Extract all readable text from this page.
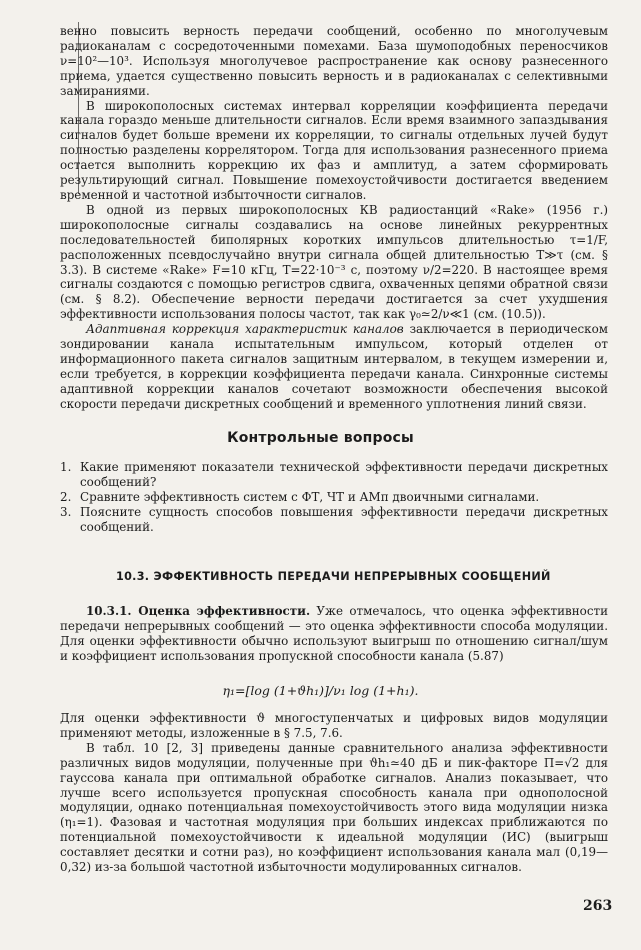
венно повысить верность передачи сообщений, особенно по многолучевым радиоканалам с сосредоточенными помехами. База шумоподобных переносчиков ν=10²—10³. Используя многолучевое распространение как основу разнесенного приема, удается существенно повысить верность и в радиоканалах с селективными замираниями.

В широкополосных системах интервал корреляции коэффициента передачи канала гораздо меньше длительности сигналов. Если время взаимного запаздывания сигналов будет больше времени их корреляции, то сигналы отдельных лучей будут полностью разделены коррелятором. Тогда для использования разнесенного приема остается выполнить коррекцию их фаз и амплитуд, а затем сформировать результирующий сигнал. Повышение помехоустойчивости достигается введением временной и частотной избыточности сигналов.

В одной из первых широкополосных КВ радиостанций «Rake» (1956 г.) широкополосные сигналы создавались на основе линейных рекуррентных последовательностей биполярных коротких импульсов длительностью τ=1/F, расположенных псевдослучайно внутри сигнала общей длительностью T≫τ (см. § 3.3). В системе «Rake» F=10 кГц, T=22·10⁻³ с, поэтому ν/2=220. В настоящее время сигналы создаются с помощью регистров сдвига, охваченных цепями обратной связи (см. § 8.2). Обеспечение верности передачи достигается за счет ухудшения эффективности использования полосы частот, так как γ₀≃2/ν≪1 (см. (10.5)).

Адаптивная коррекция характеристик каналов заключается в периодическом зондировании канала испытательным импульсом, который отделен от информационного пакета сигналов защитным интервалом, в текущем измерении и, если требуется, в коррекции коэффициента передачи канала. Синхронные системы адаптивной коррекции каналов сочетают возможности обеспечения высокой скорости передачи дискретных сообщений и временного уплотнения линий связи.

Контрольные вопросы
1. Какие применяют показатели технической эффективности передачи дискретных сообщений?
2. Сравните эффективность систем с ФТ, ЧТ и АМп двоичными сигналами.
3. Поясните сущность способов повышения эффективности передачи дискретных сообщений.
10.3. ЭФФЕКТИВНОСТЬ ПЕРЕДАЧИ НЕПРЕРЫВНЫХ СООБЩЕНИЙ

10.3.1. Оценка эффективности. Уже отмечалось, что оценка эффективности передачи непрерывных сообщений — это оценка эффективности способа модуляции. Для оценки эффективности обычно используют выигрыш по отношению сигнал/шум и коэффициент использования пропускной способности канала (5.87)

η₁=[log (1+ϑh₁)]/ν₁ log (1+h₁).

Для оценки эффективности ϑ многоступенчатых и цифровых видов модуляции применяют методы, изложенные в § 7.5, 7.6.

В табл. 10 [2, 3] приведены данные сравнительного анализа эффективности различных видов модуляции, полученные при ϑh₁≃40 дБ и пик-факторе Π=√2 для гауссова канала при оптимальной обработке сигналов. Анализ показывает, что лучше всего используется пропускная способность канала при однополосной модуляции, однако потенциальная помехоустойчивость этого вида модуляции низка (η₁=1). Фазовая и частотная модуляция при больших индексах приближаются по потенциальной помехоустойчивости к идеальной модуляции (ИС) (выигрыш составляет десятки и сотни раз), но коэффициент использования канала мал (0,19—0,32) из-за большой частотной избыточности модулированных сигналов.

263
